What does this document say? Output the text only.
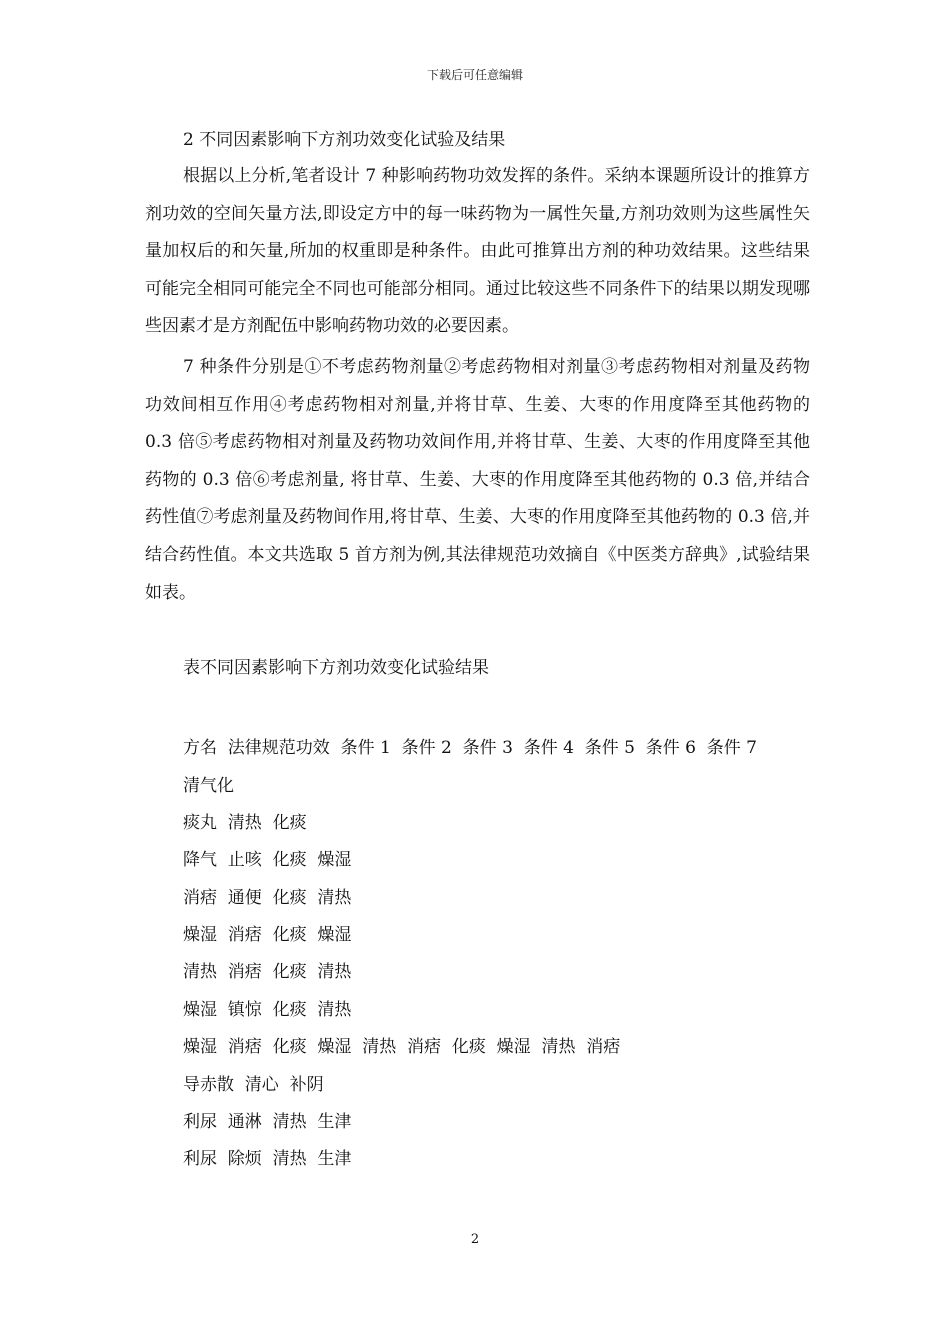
下载后可任意编辑
2 不同因素影响下方剂功效变化试验及结果

根据以上分析,笔者设计 7 种影响药物功效发挥的条件。采纳本课题所设计的推算方剂功效的空间矢量方法,即设定方中的每一味药物为一属性矢量,方剂功效则为这些属性矢量加权后的和矢量,所加的权重即是种条件。由此可推算出方剂的种功效结果。这些结果可能完全相同可能完全不同也可能部分相同。通过比较这些不同条件下的结果以期发现哪些因素才是方剂配伍中影响药物功效的必要因素。

7 种条件分别是①不考虑药物剂量②考虑药物相对剂量③考虑药物相对剂量及药物功效间相互作用④考虑药物相对剂量,并将甘草、生姜、大枣的作用度降至其他药物的 0.3 倍⑤考虑药物相对剂量及药物功效间作用,并将甘草、生姜、大枣的作用度降至其他药物的 0.3 倍⑥考虑剂量, 将甘草、生姜、大枣的作用度降至其他药物的 0.3 倍,并结合药性值⑦考虑剂量及药物间作用,将甘草、生姜、大枣的作用度降至其他药物的 0.3 倍,并结合药性值。本文共选取 5 首方剂为例,其法律规范功效摘自《中医类方辞典》,试验结果如表。

表不同因素影响下方剂功效变化试验结果
方名  法律规范功效  条件 1  条件 2  条件 3  条件 4  条件 5  条件 6  条件 7
清气化
痰丸  清热  化痰
降气  止咳  化痰  燥湿
消痞  通便  化痰  清热
燥湿  消痞  化痰  燥湿
清热  消痞  化痰  清热
燥湿  镇惊  化痰  清热
燥湿  消痞  化痰  燥湿  清热  消痞  化痰  燥湿  清热  消痞
导赤散  清心  补阴
利尿  通淋  清热  生津
利尿  除烦  清热  生津
2
